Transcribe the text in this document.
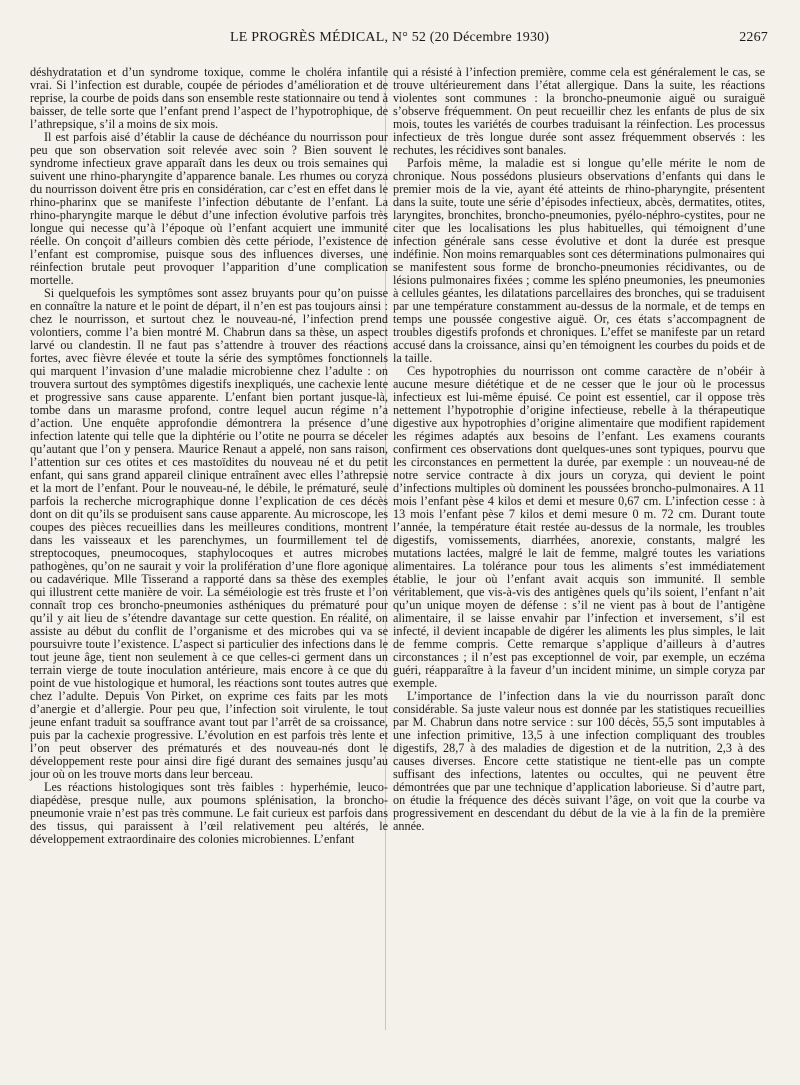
LE PROGRÈS MÉDICAL, N° 52 (20 Décembre 1930)	2267

déshydratation et d’un syndrome toxique, comme le choléra infantile vrai. Si l’infection est durable, coupée de périodes d’amélioration et de reprise, la courbe de poids dans son ensemble reste stationnaire ou tend à baisser, de telle sorte que l’enfant prend l’aspect de l’hypotrophique, de l’athrepsique, s’il a moins de six mois.

Il est parfois aisé d’établir la cause de déchéance du nourrisson pour peu que son observation soit relevée avec soin ? Bien souvent le syndrome infectieux grave apparaît dans les deux ou trois semaines qui suivent une rhino-pharyngite d’apparence banale. Les rhumes ou coryza du nourrisson doivent être pris en considération, car c’est en effet dans le rhino-pharinx que se manifeste l’infection débutante de l’enfant. La rhino-pharyngite marque le début d’une infection évolutive parfois très longue qui necesse qu’à l’époque où l’enfant acquiert une immunité réelle. On conçoit d’ailleurs combien dès cette période, l’existence de l’enfant est compromise, puisque sous des influences diverses, une réinfection brutale peut provoquer l’apparition d’une complication mortelle.

Si quelquefois les symptômes sont assez bruyants pour qu’on puisse en connaître la nature et le point de départ, il n’en est pas toujours ainsi : chez le nourrisson, et surtout chez le nouveau-né, l’infection prend volontiers, comme l’a bien montré M. Chabrun dans sa thèse, un aspect larvé ou clandestin. Il ne faut pas s’attendre à trouver des réactions fortes, avec fièvre élevée et toute la série des symptômes fonctionnels qui marquent l’invasion d’une maladie microbienne chez l’adulte : on trouvera surtout des symptômes digestifs inexpliqués, une cachexie lente et progressive sans cause apparente. L’enfant bien portant jusque-là, tombe dans un marasme profond, contre lequel aucun régime n’a d’action. Une enquête approfondie démontrera la présence d’une infection latente qui telle que la diphtérie ou l’otite ne pourra se déceler qu’autant que l’on y pensera. Maurice Renaut a appelé, non sans raison, l’attention sur ces otites et ces mastoïdites du nouveau né et du petit enfant, qui sans grand appareil clinique entraînent avec elles l’athrepsie et la mort de l’enfant. Pour le nouveau-né, le débile, le prématuré, seule parfois la recherche micrographique donne l’explication de ces décès dont on dit qu’ils se produisent sans cause apparente. Au microscope, les coupes des pièces recueillies dans les meilleures conditions, montrent dans les vaisseaux et les parenchymes, un fourmillement tel de streptocoques, pneumocoques, staphylocoques et autres microbes pathogènes, qu’on ne saurait y voir la prolifération d’une flore agonique ou cadavérique. Mlle Tisserand a rapporté dans sa thèse des exemples qui illustrent cette manière de voir. La séméiologie est très fruste et l’on connaît trop ces broncho-pneumonies asthéniques du prématuré pour qu’il y ait lieu de s’étendre davantage sur cette question. En réalité, on assiste au début du conflit de l’organisme et des microbes qui va se poursuivre toute l’existence. L’aspect si particulier des infections dans le tout jeune âge, tient non seulement à ce que celles-ci germent dans un terrain vierge de toute inoculation antérieure, mais encore à ce que du point de vue histologique et humoral, les réactions sont toutes autres que chez l’adulte. Depuis Von Pirket, on exprime ces faits par les mots d’anergie et d’allergie. Pour peu que, l’infection soit virulente, le tout jeune enfant traduit sa souffrance avant tout par l’arrêt de sa croissance, puis par la cachexie progressive. L’évolution en est parfois très lente et l’on peut observer des prématurés et des nouveau-nés dont le développement reste pour ainsi dire figé durant des semaines jusqu’au jour où on les trouve morts dans leur berceau.

Les réactions histologiques sont très faibles : hyperhémie, leuco-diapédèse, presque nulle, aux poumons splénisation, la broncho-pneumonie vraie n’est pas très commune. Le fait curieux est parfois dans des tissus, qui paraissent à l’œil relativement peu altérés, le développement extraordinaire des colonies microbiennes. L’enfant

qui a résisté à l’infection première, comme cela est généralement le cas, se trouve ultérieurement dans l’état allergique. Dans la suite, les réactions violentes sont communes : la broncho-pneumonie aiguë ou suraiguë s’observe fréquemment. On peut recueillir chez les enfants de plus de six mois, toutes les variétés de courbes traduisant la réinfection. Les processus infectieux de très longue durée sont assez fréquemment observés : les rechutes, les récidives sont banales.

Parfois même, la maladie est si longue qu’elle mérite le nom de chronique. Nous possédons plusieurs observations d’enfants qui dans le premier mois de la vie, ayant été atteints de rhino-pharyngite, présentent dans la suite, toute une série d’épisodes infectieux, abcès, dermatites, otites, laryngites, bronchites, broncho-pneumonies, pyélo-néphro-cystites, pour ne citer que les localisations les plus habituelles, qui témoignent d’une infection générale sans cesse évolutive et dont la durée est presque indéfinie. Non moins remarquables sont ces déterminations pulmonaires qui se manifestent sous forme de broncho-pneumonies récidivantes, ou de lésions pulmonaires fixées ; comme les spléno pneumonies, les pneumonies à cellules géantes, les dilatations parcellaires des bronches, qui se traduisent par une température constamment au-dessus de la normale, et de temps en temps une poussée congestive aiguë. Or, ces états s’accompagnent de troubles digestifs profonds et chroniques. L’effet se manifeste par un retard accusé dans la croissance, ainsi qu’en témoignent les courbes du poids et de la taille.

Ces hypotrophies du nourrisson ont comme caractère de n’obéir à aucune mesure diététique et de ne cesser que le jour où le processus infectieux est lui-même épuisé. Ce point est essentiel, car il oppose très nettement l’hypotrophie d’origine infectieuse, rebelle à la thérapeutique digestive aux hypotrophies d’origine alimentaire que modifient rapidement les régimes adaptés aux besoins de l’enfant. Les examens courants confirment ces observations dont quelques-unes sont typiques, pourvu que les circonstances en permettent la durée, par exemple : un nouveau-né de notre service contracte à dix jours un coryza, qui devient le point d’infections multiples où dominent les poussées broncho-pulmonaires. A 11 mois l’enfant pèse 4 kilos et demi et mesure 0,67 cm. L’infection cesse : à 13 mois l’enfant pèse 7 kilos et demi mesure 0 m. 72 cm. Durant toute l’année, la température était restée au-dessus de la normale, les troubles digestifs, vomissements, diarrhées, anorexie, constants, malgré les mutations lactées, malgré le lait de femme, malgré toutes les variations alimentaires. La tolérance pour tous les aliments s’est immédiatement établie, le jour où l’enfant avait acquis son immunité. Il semble véritablement, que vis-à-vis des antigènes quels qu’ils soient, l’enfant n’ait qu’un unique moyen de défense : s’il ne vient pas à bout de l’antigène alimentaire, il se laisse envahir par l’infection et inversement, s’il est infecté, il devient incapable de digérer les aliments les plus simples, le lait de femme compris. Cette remarque s’applique d’ailleurs à d’autres circonstances ; il n’est pas exceptionnel de voir, par exemple, un eczéma guéri, réapparaître à la faveur d’un incident minime, un simple coryza par exemple.

L’importance de l’infection dans la vie du nourrisson paraît donc considérable. Sa juste valeur nous est donnée par les statistiques recueillies par M. Chabrun dans notre service : sur 100 décès, 55,5 sont imputables à une infection primitive, 13,5 à une infection compliquant des troubles digestifs, 28,7 à des maladies de digestion et de la nutrition, 2,3 à des causes diverses. Encore cette statistique ne tient-elle pas un compte suffisant des infections, latentes ou occultes, qui ne peuvent être démontrées que par une technique d’application laborieuse. Si d’autre part, on étudie la fréquence des décès suivant l’âge, on voit que la courbe va progressivement en descendant du début de la vie à la fin de la première année.
